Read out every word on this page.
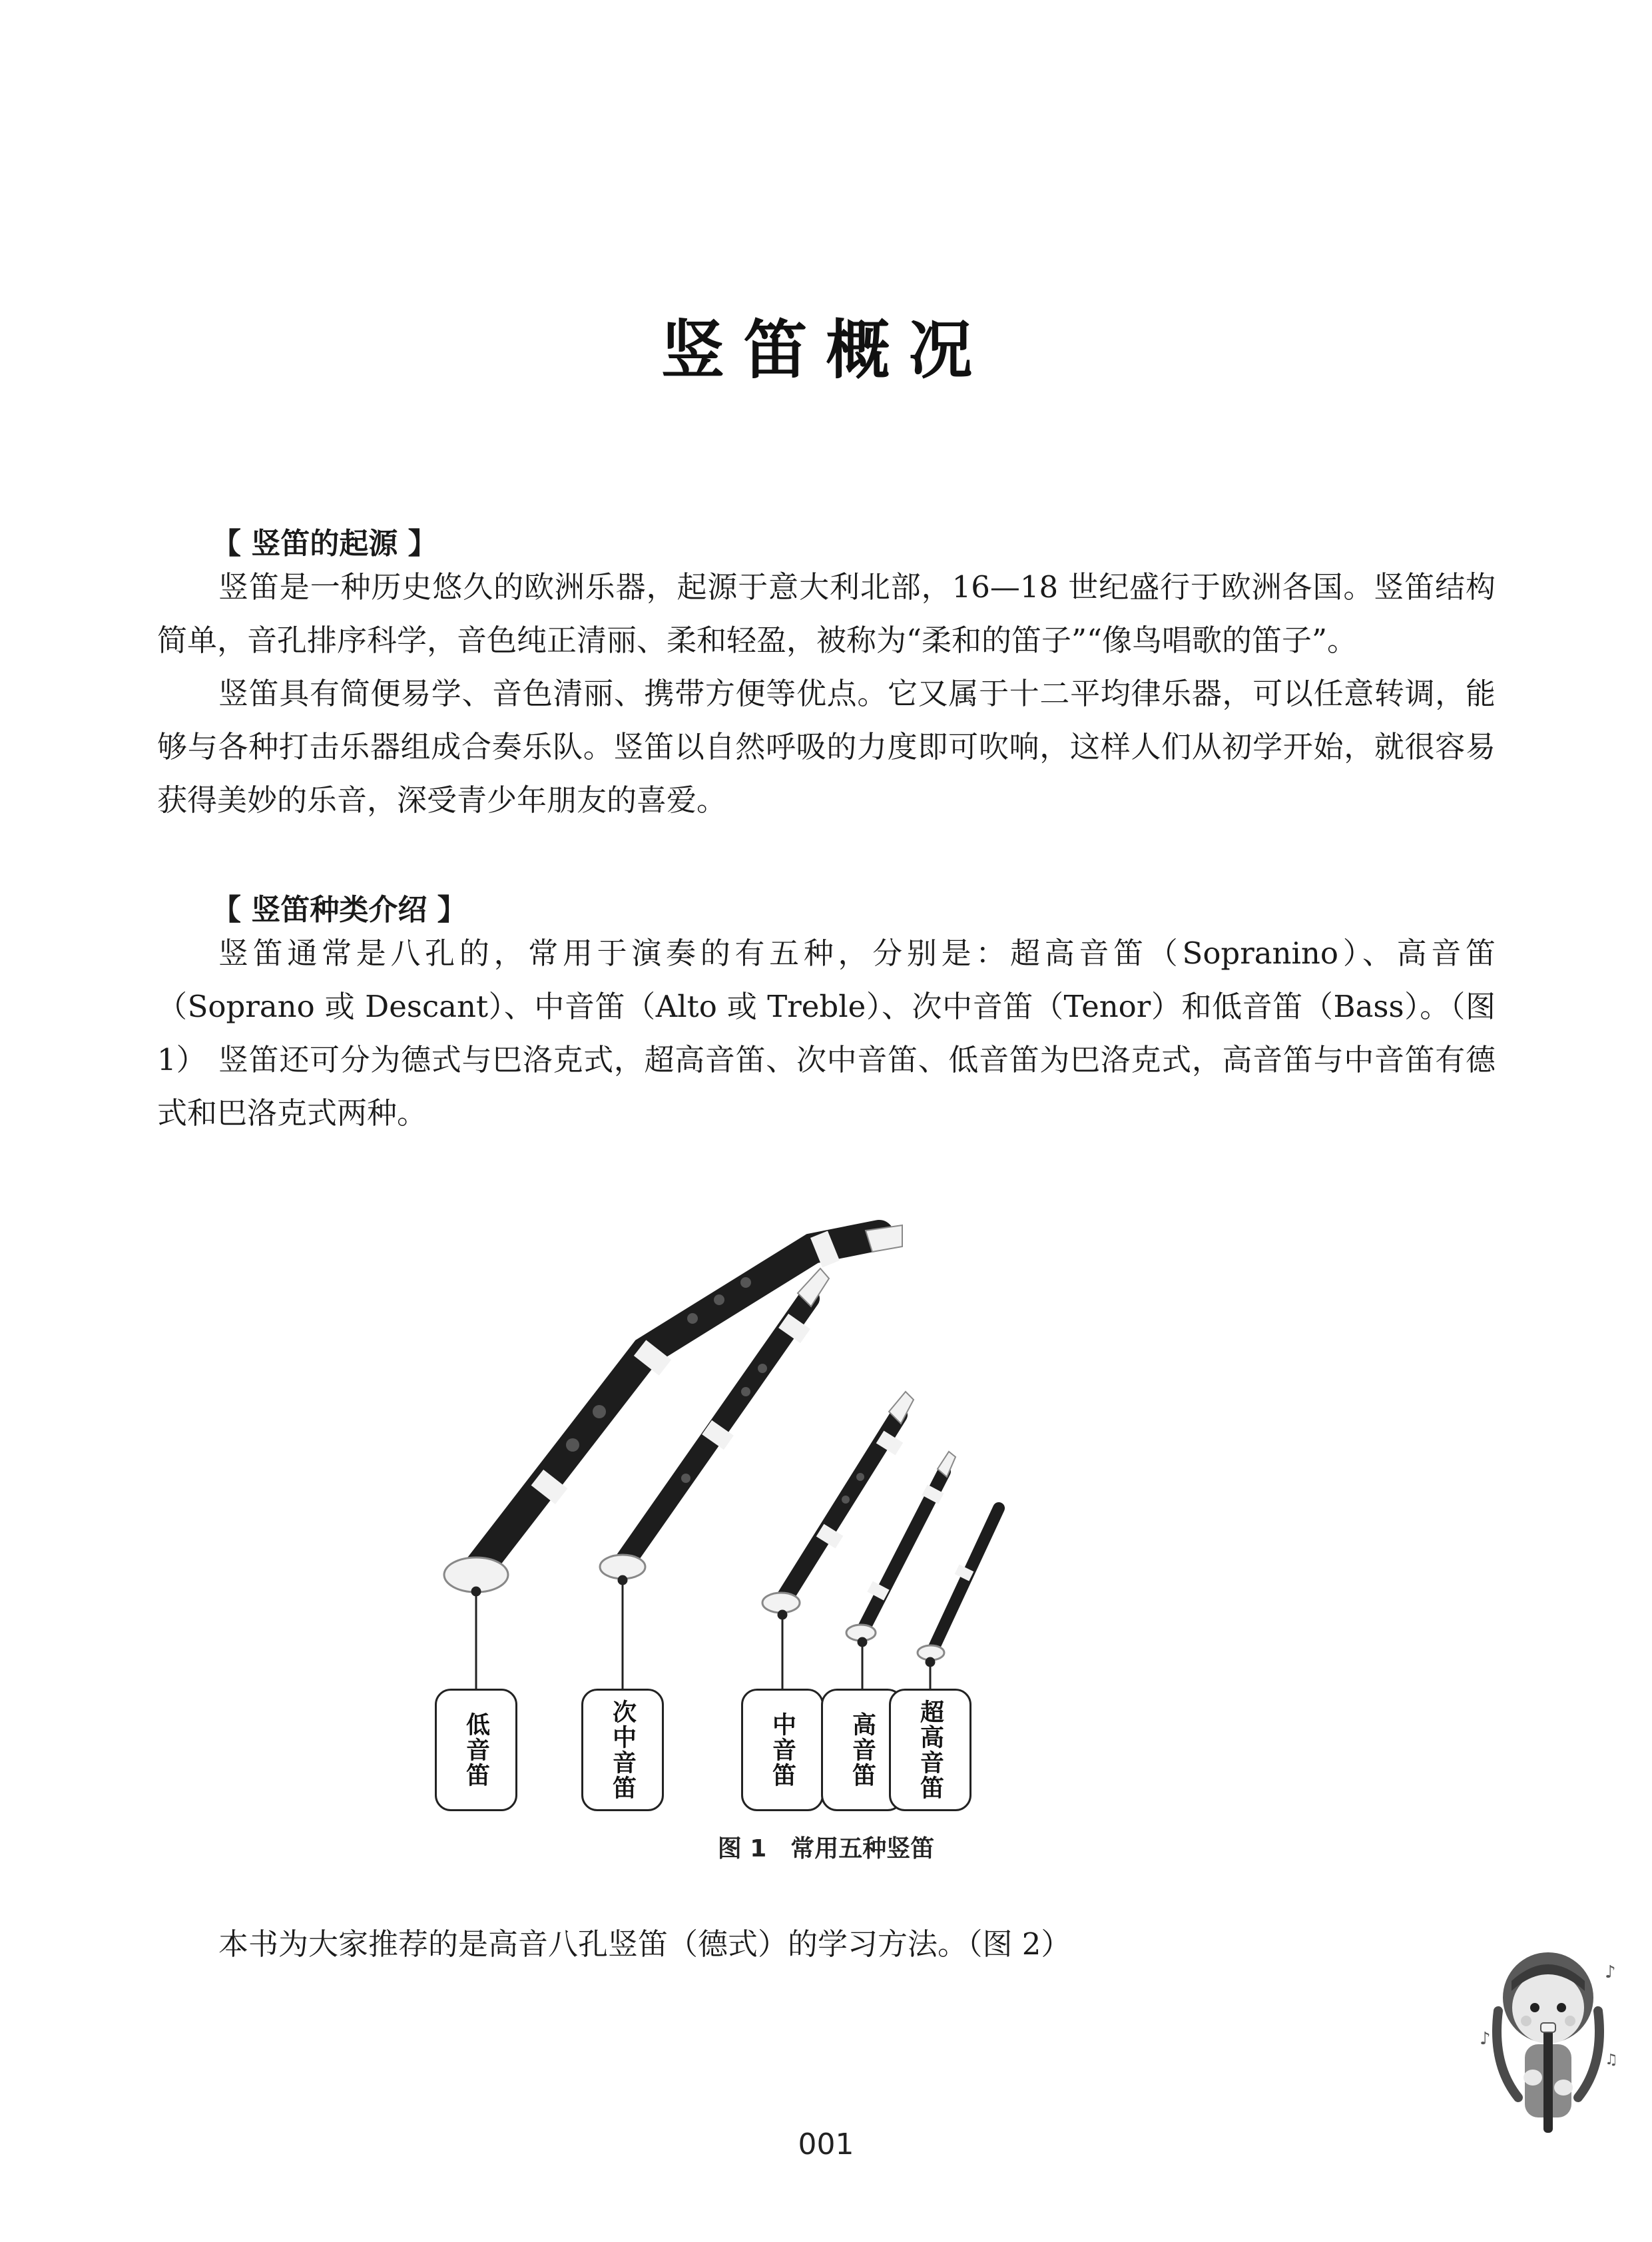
竖笛概况
【 竖笛的起源 】

竖笛是一种历史悠久的欧洲乐器，起源于意大利北部，16—18 世纪盛行于欧洲各国。竖笛结构简单，音孔排序科学，音色纯正清丽、柔和轻盈，被称为“柔和的笛子”“像鸟唱歌的笛子”。

竖笛具有简便易学、音色清丽、携带方便等优点。它又属于十二平均律乐器，可以任意转调，能够与各种打击乐器组成合奏乐队。竖笛以自然呼吸的力度即可吹响，这样人们从初学开始，就很容易获得美妙的乐音，深受青少年朋友的喜爱。

【 竖笛种类介绍 】

竖笛通常是八孔的，常用于演奏的有五种，分别是：超高音笛（Sopranino）、高音笛（Soprano 或 Descant）、中音笛（Alto 或 Treble）、次中音笛（Tenor）和低音笛（Bass）。（图 1） 竖笛还可分为德式与巴洛克式，超高音笛、次中音笛、低音笛为巴洛克式，高音笛与中音笛有德式和巴洛克式两种。

低音笛	次中音笛	中音笛 高音笛 超高音笛
图 1　常用五种竖笛

本书为大家推荐的是高音八孔竖笛（德式）的学习方法。（图 2）

♪
♪
♫
001
